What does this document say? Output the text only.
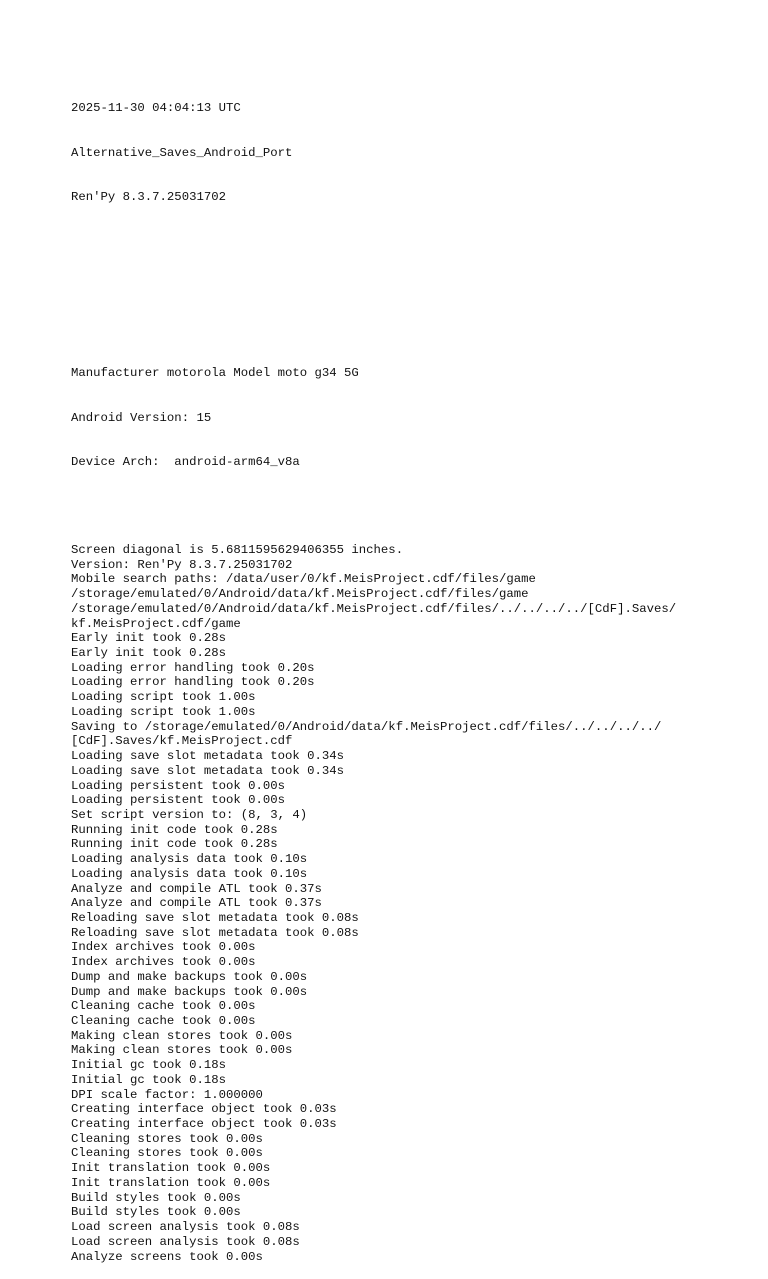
2025-11-30 04:04:13 UTC

Alternative_Saves_Android_Port

Ren'Py 8.3.7.25031702

Manufacturer motorola Model moto g34 5G

Android Version: 15

Device Arch:  android-arm64_v8a

Screen diagonal is 5.6811595629406355 inches.
Version: Ren'Py 8.3.7.25031702
Mobile search paths: /data/user/0/kf.MeisProject.cdf/files/game
/storage/emulated/0/Android/data/kf.MeisProject.cdf/files/game
/storage/emulated/0/Android/data/kf.MeisProject.cdf/files/../../../../[CdF].Saves/
kf.MeisProject.cdf/game
Early init took 0.28s
Early init took 0.28s
Loading error handling took 0.20s
Loading error handling took 0.20s
Loading script took 1.00s
Loading script took 1.00s
Saving to /storage/emulated/0/Android/data/kf.MeisProject.cdf/files/../../../../
[CdF].Saves/kf.MeisProject.cdf
Loading save slot metadata took 0.34s
Loading save slot metadata took 0.34s
Loading persistent took 0.00s
Loading persistent took 0.00s
Set script version to: (8, 3, 4)
Running init code took 0.28s
Running init code took 0.28s
Loading analysis data took 0.10s
Loading analysis data took 0.10s
Analyze and compile ATL took 0.37s
Analyze and compile ATL took 0.37s
Reloading save slot metadata took 0.08s
Reloading save slot metadata took 0.08s
Index archives took 0.00s
Index archives took 0.00s
Dump and make backups took 0.00s
Dump and make backups took 0.00s
Cleaning cache took 0.00s
Cleaning cache took 0.00s
Making clean stores took 0.00s
Making clean stores took 0.00s
Initial gc took 0.18s
Initial gc took 0.18s
DPI scale factor: 1.000000
Creating interface object took 0.03s
Creating interface object took 0.03s
Cleaning stores took 0.00s
Cleaning stores took 0.00s
Init translation took 0.00s
Init translation took 0.00s
Build styles took 0.00s
Build styles took 0.00s
Load screen analysis took 0.08s
Load screen analysis took 0.08s
Analyze screens took 0.00s
